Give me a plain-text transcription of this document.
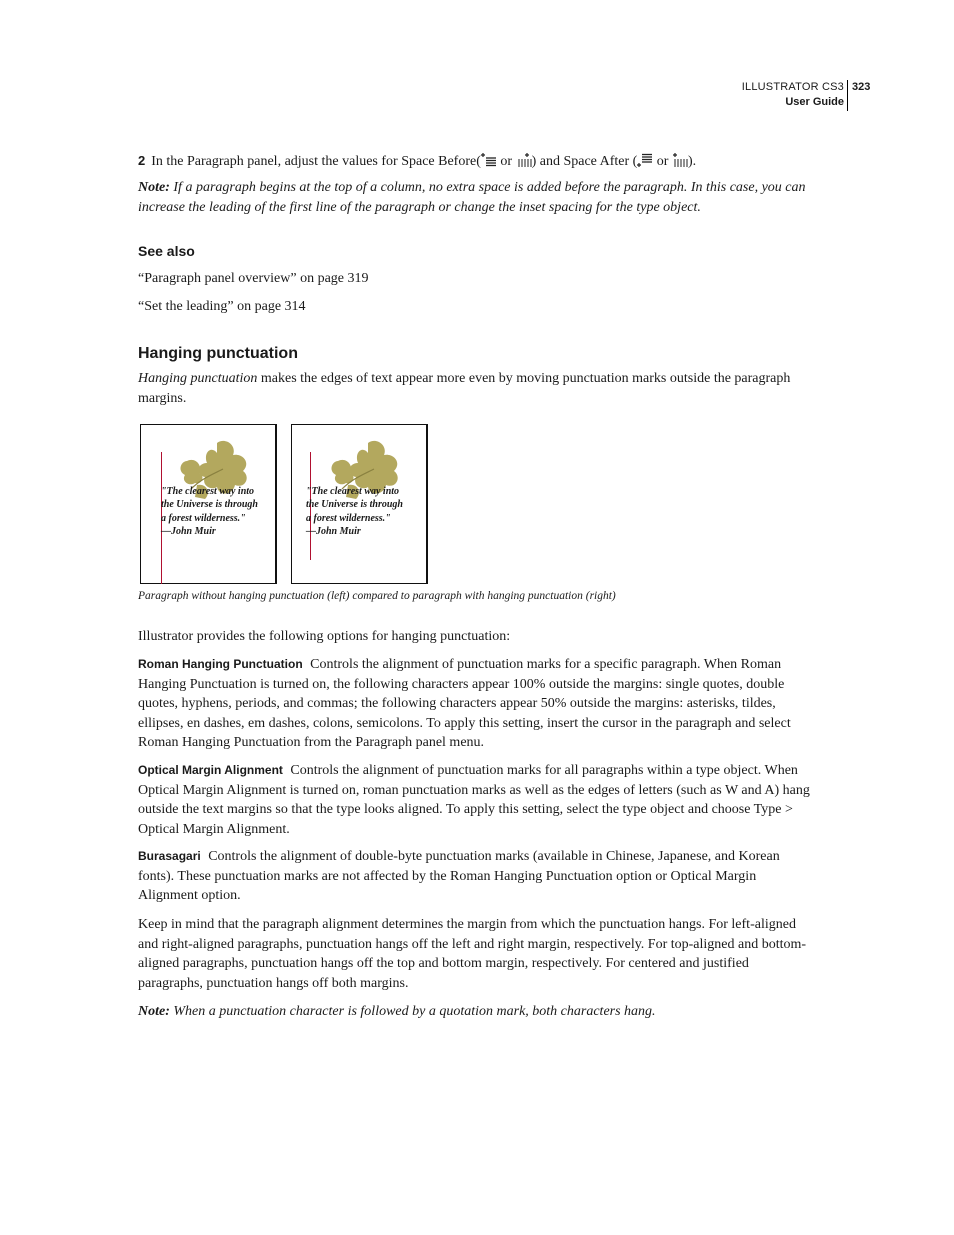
ILLUSTRATOR CS3
User Guide
323
2 In the Paragraph panel, adjust the values for Space Before( or ) and Space After ( or ).
Note: If a paragraph begins at the top of a column, no extra space is added before the paragraph. In this case, you can increase the leading of the first line of the paragraph or change the inset spacing for the type object.
See also
“Paragraph panel overview” on page 319
“Set the leading” on page 314
Hanging punctuation
Hanging punctuation makes the edges of text appear more even by moving punctuation marks outside the paragraph margins.
"The clearest way into
the Universe is through
a forest wilderness."
—John Muir
"The clearest way into
the Universe is through
a forest wilderness."
—John Muir
Paragraph without hanging punctuation (left) compared to paragraph with hanging punctuation (right)
Illustrator provides the following options for hanging punctuation:
Roman Hanging Punctuation Controls the alignment of punctuation marks for a specific paragraph. When Roman Hanging Punctuation is turned on, the following characters appear 100% outside the margins: single quotes, double quotes, hyphens, periods, and commas; the following characters appear 50% outside the margins: asterisks, tildes, ellipses, en dashes, em dashes, colons, semicolons. To apply this setting, insert the cursor in the paragraph and select Roman Hanging Punctuation from the Paragraph panel menu.
Optical Margin Alignment Controls the alignment of punctuation marks for all paragraphs within a type object. When Optical Margin Alignment is turned on, roman punctuation marks as well as the edges of letters (such as W and A) hang outside the text margins so that the type looks aligned. To apply this setting, select the type object and choose Type > Optical Margin Alignment.
Burasagari Controls the alignment of double-byte punctuation marks (available in Chinese, Japanese, and Korean fonts). These punctuation marks are not affected by the Roman Hanging Punctuation option or Optical Margin Alignment option.
Keep in mind that the paragraph alignment determines the margin from which the punctuation hangs. For left-aligned and right-aligned paragraphs, punctuation hangs off the left and right margin, respectively. For top-aligned and bottom-aligned paragraphs, punctuation hangs off the top and bottom margin, respectively. For centered and justified paragraphs, punctuation hangs off both margins.
Note: When a punctuation character is followed by a quotation mark, both characters hang.
